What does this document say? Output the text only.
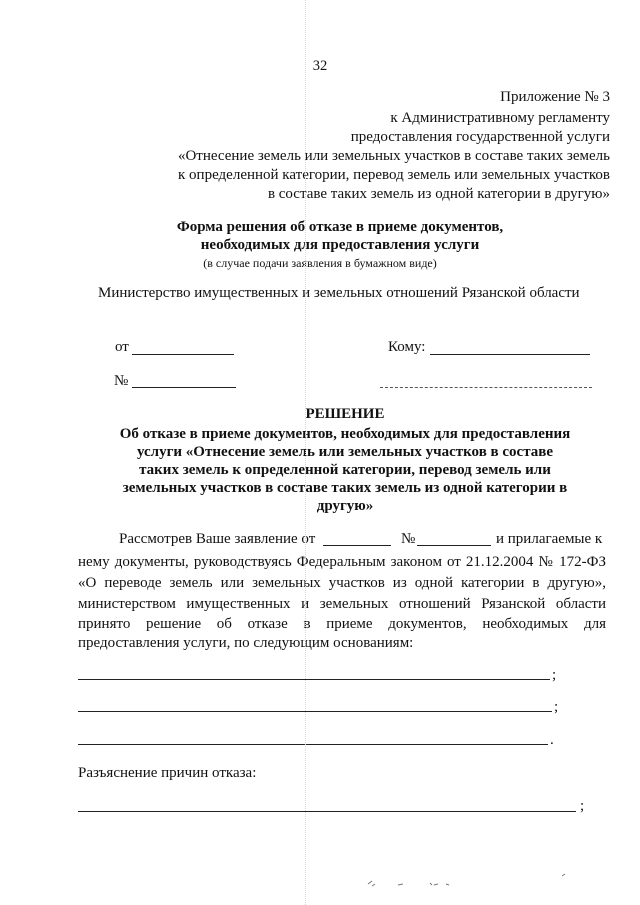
32
Приложение № 3
к Административному регламенту
предоставления государственной услуги
«Отнесение земель или земельных участков в составе таких земель
к определенной категории, перевод земель или земельных участков
в составе таких земель из одной категории в другую»
Форма решения об отказе в приеме документов,
необходимых для предоставления услуги
(в случае подачи заявления в бумажном виде)
Министерство имущественных и земельных отношений Рязанской области
от	Кому:
№
РЕШЕНИЕ
Об отказе в приеме документов, необходимых для предоставления
услуги «Отнесение земель или земельных участков в составе
таких земель к определенной категории, перевод земель или
земельных участков в составе таких земель из одной категории в
другую»
Рассмотрев Ваше заявление от	№	и прилагаемые к
нему документы, руководствуясь Федеральным законом от 21.12.2004 № 172-ФЗ
«О переводе земель или земельных участков из одной категории в другую»,
министерством имущественных и земельных отношений Рязанской области
принято решение об отказе в приеме документов, необходимых для
предоставления услуги, по следующим основаниям:
;
;
.
Разъяснение причин отказа:
;
